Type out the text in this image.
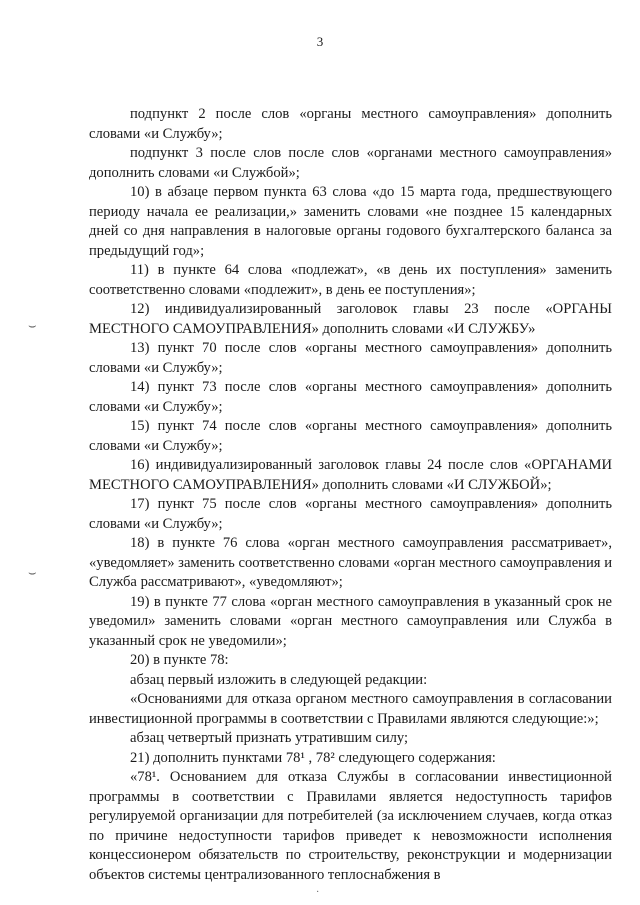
3
⌣
⌣

подпункт 2 после слов «органы местного самоуправления» дополнить словами «и Службу»;

подпункт 3 после слов после слов «органами местного самоуправления» дополнить словами «и Службой»;

10) в абзаце первом пункта 63 слова «до 15 марта года, предшествующего периоду начала ее реализации,» заменить словами «не позднее 15 календарных дней со дня направления в налоговые органы годового бухгалтерского баланса за предыдущий год»;

11) в пункте 64 слова «подлежат», «в день их поступления» заменить соответственно словами «подлежит», в день ее поступления»;

12) индивидуализированный заголовок главы 23 после «ОРГАНЫ МЕСТНОГО САМОУПРАВЛЕНИЯ» дополнить словами «И СЛУЖБУ»

13) пункт 70 после слов «органы местного самоуправления» дополнить словами «и Службу»;

14) пункт 73 после слов «органы местного самоуправления» дополнить словами «и Службу»;

15) пункт 74 после слов «органы местного самоуправления» дополнить словами «и Службу»;

16) индивидуализированный заголовок главы 24 после слов «ОРГАНАМИ МЕСТНОГО САМОУПРАВЛЕНИЯ» дополнить словами «И СЛУЖБОЙ»;

17) пункт 75 после слов «органы местного самоуправления» дополнить словами «и Службу»;

18) в пункте 76 слова «орган местного самоуправления рассматривает», «уведомляет» заменить соответственно словами «орган местного самоуправления и Служба рассматривают», «уведомляют»;

19) в пункте 77 слова «орган местного самоуправления в указанный срок не уведомил» заменить словами «орган местного самоуправления или Служба в указанный срок не уведомили»;

20) в пункте 78:

абзац первый изложить в следующей редакции:

«Основаниями для отказа органом местного самоуправления в согласовании инвестиционной программы в соответствии с Правилами являются следующие:»;

абзац четвертый признать утратившим силу;

21) дополнить пунктами 78¹ , 78² следующего содержания:

«78¹. Основанием для отказа Службы в согласовании инвестиционной программы в соответствии с Правилами является недоступность тарифов регулируемой организации для потребителей (за исключением случаев, когда отказ по причине недоступности тарифов приведет к невозможности исполнения концессионером обязательств по строительству, реконструкции и модернизации объектов системы централизованного теплоснабжения в

·
